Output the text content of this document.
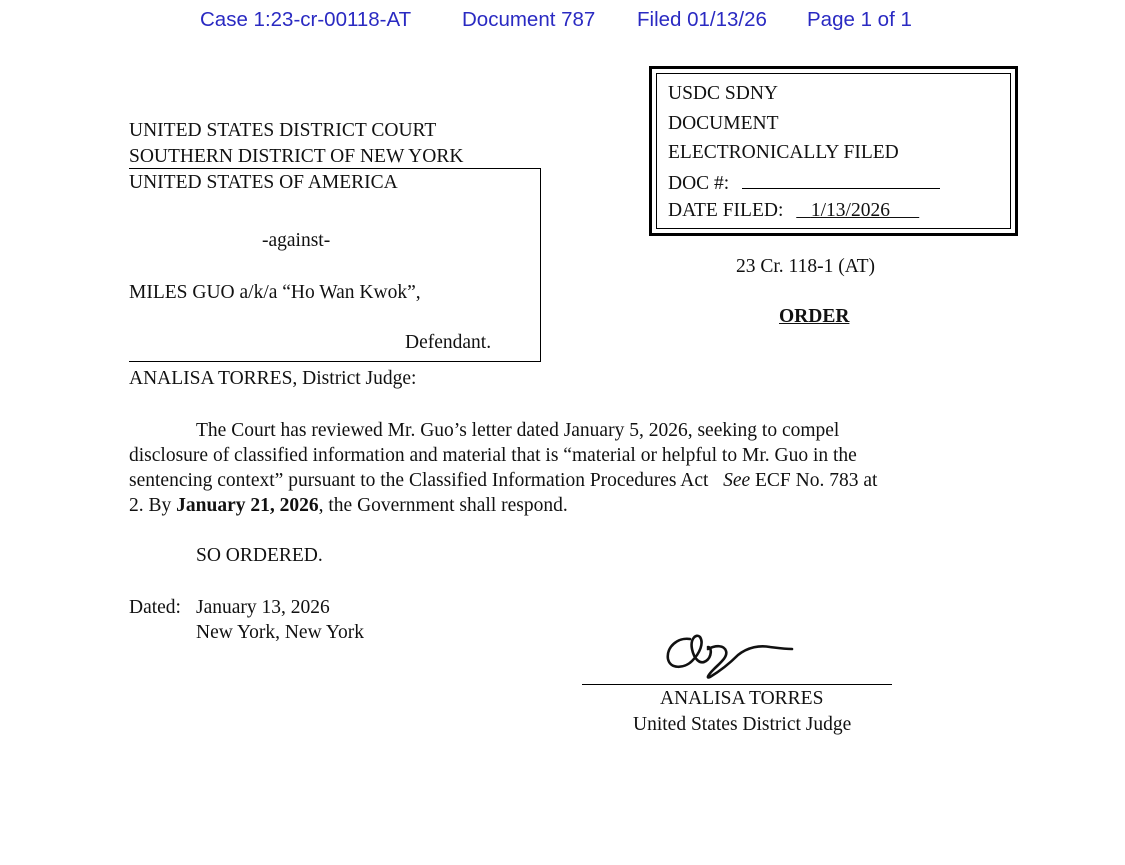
Case 1:23-cr-00118-AT Document 787 Filed 01/13/26 Page 1 of 1
USDC SDNY
DOCUMENT
ELECTRONICALLY FILED
DOC #:
DATE FILED: 1/13/2026
UNITED STATES DISTRICT COURT
SOUTHERN DISTRICT OF NEW YORK
UNITED STATES OF AMERICA
-against-
MILES GUO a/k/a “Ho Wan Kwok”,
Defendant.
23 Cr. 118-1 (AT)
ORDER
ANALISA TORRES, District Judge:
The Court has reviewed Mr. Guo’s letter dated January 5, 2026, seeking to compel
disclosure of classified information and material that is “material or helpful to Mr. Guo in the
sentencing context” pursuant to the Classified Information Procedures Act See ECF No. 783 at
2. By January 21, 2026, the Government shall respond.
SO ORDERED.
Dated: January 13, 2026
New York, New York
ANALISA TORRES
United States District Judge
